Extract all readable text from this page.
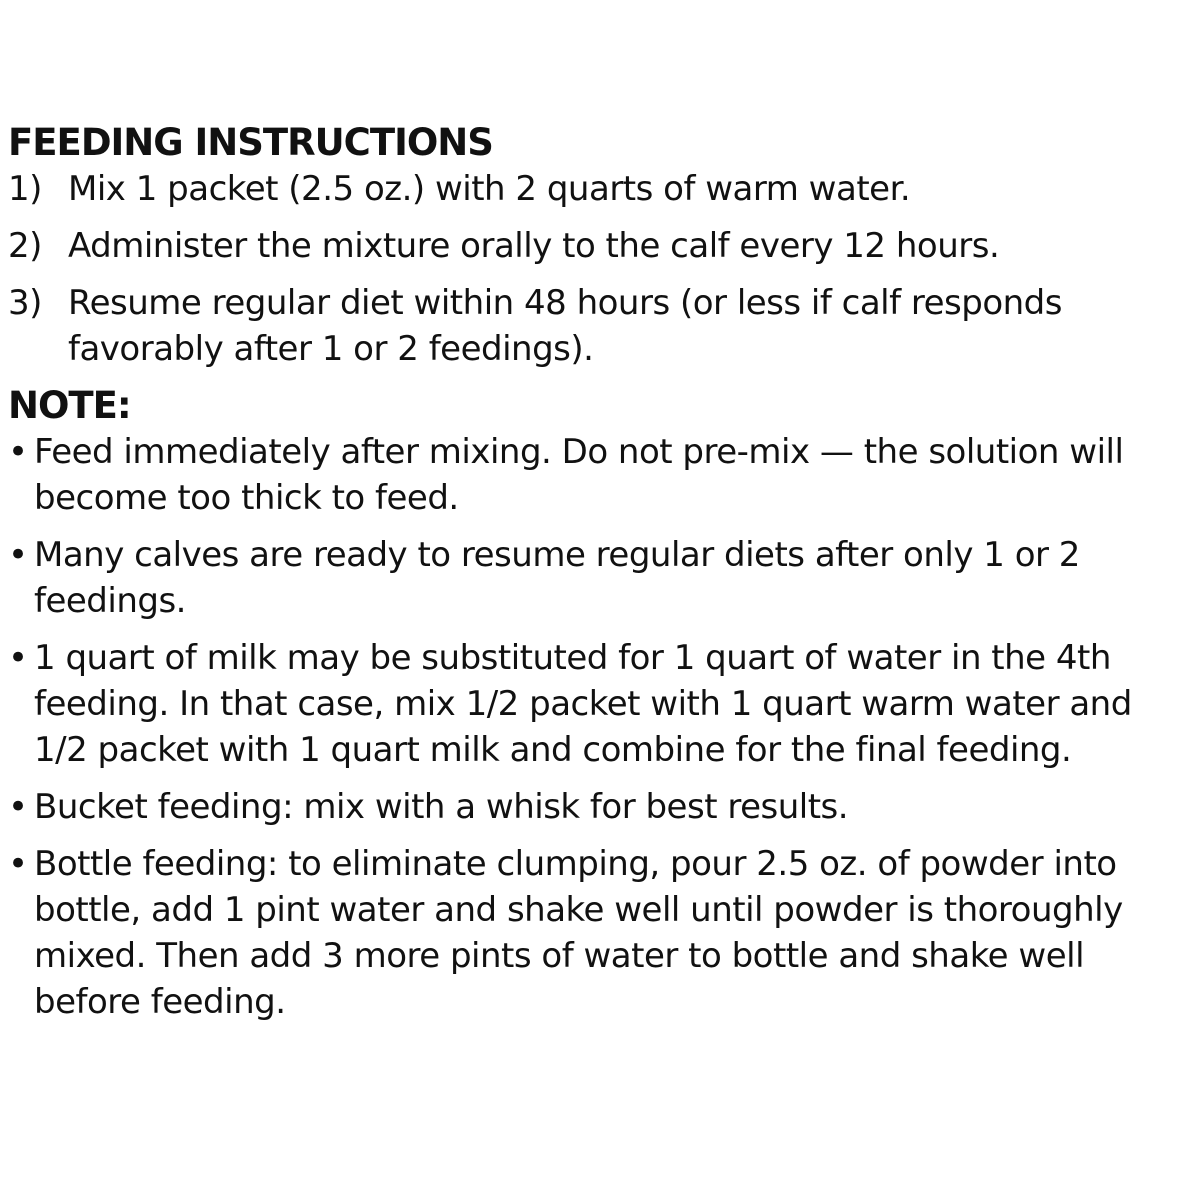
FEEDING INSTRUCTIONS
1) Mix 1 packet (2.5 oz.) with 2 quarts of warm water.
2) Administer the mixture orally to the calf every 12 hours.
3) Resume regular diet within 48 hours (or less if calf responds favorably after 1 or 2 feedings).
NOTE:
• Feed immediately after mixing. Do not pre-mix — the solution will become too thick to feed.
• Many calves are ready to resume regular diets after only 1 or 2 feedings.
• 1 quart of milk may be substituted for 1 quart of water in the 4th feeding. In that case, mix 1/2 packet with 1 quart warm water and 1/2 packet with 1 quart milk and combine for the final feeding.
• Bucket feeding: mix with a whisk for best results.
• Bottle feeding: to eliminate clumping, pour 2.5 oz. of powder into bottle, add 1 pint water and shake well until powder is thoroughly mixed. Then add 3 more pints of water to bottle and shake well before feeding.
